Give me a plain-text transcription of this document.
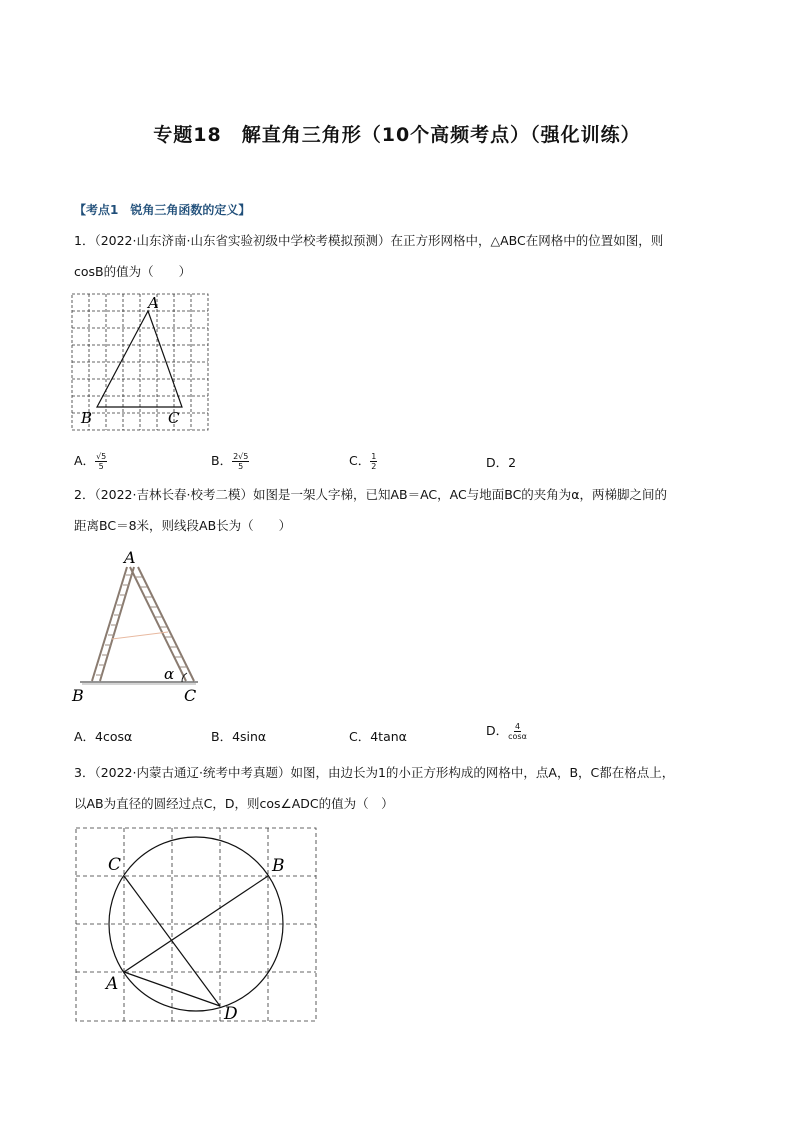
专题18　解直角三角形（10个高频考点）（强化训练）
【考点1　锐角三角函数的定义】
1．（2022·山东济南·山东省实验初级中学校考模拟预测）在正方形网格中，△ABC在网格中的位置如图，则
cosB的值为（　　）
A
B	C
A． $\frac{√5}{5}$	B． $\frac{2√5}{5}$	C． $\frac{1}{2}$	D．2
2．（2022·吉林长春·校考二模）如图是一架人字梯，已知AB＝AC，AC与地面BC的夹角为α，两梯脚之间的
距离BC＝8米，则线段AB长为（　　）
A
B	C
α
A．4cosα	B．4sinα	C．4tanα	D． $\frac{4}{\cos\alpha}$
3．（2022·内蒙古通辽·统考中考真题）如图，由边长为1的小正方形构成的网格中，点A，B，C都在格点上，
以AB为直径的圆经过点C，D，则cos∠ADC的值为（　）
C	B
A
D
